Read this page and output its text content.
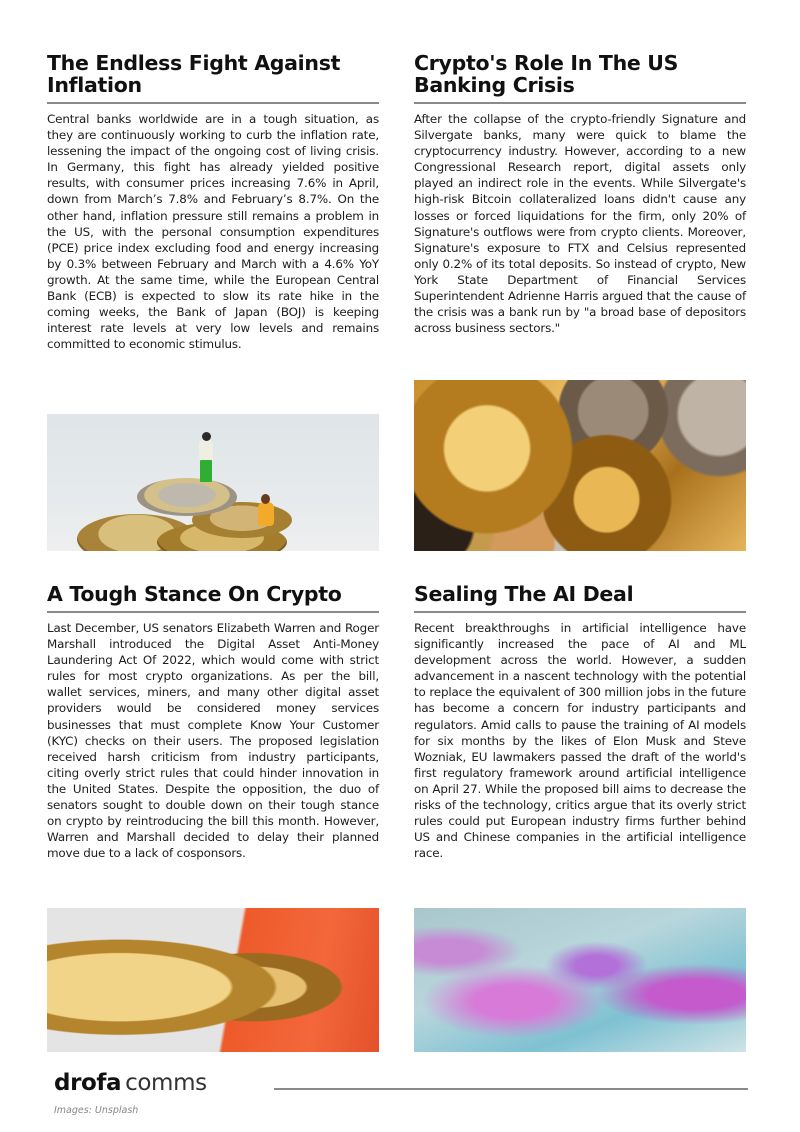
The Endless Fight Against Inflation
Central banks worldwide are in a tough situation, as they are continuously working to curb the inflation rate, lessening the impact of the ongoing cost of living crisis. In Germany, this fight has already yielded positive results, with consumer prices increasing 7.6% in April, down from March’s 7.8% and February’s 8.7%. On the other hand, inflation pressure still remains a problem in the US, with the personal consumption expenditures (PCE) price index excluding food and energy increasing by 0.3% between February and March with a 4.6% YoY growth. At the same time, while the European Central Bank (ECB) is expected to slow its rate hike in the coming weeks, the Bank of Japan (BOJ) is keeping interest rate levels at very low levels and remains committed to economic stimulus.
Crypto's Role In The US Banking Crisis
After the collapse of the crypto-friendly Signature and Silvergate banks, many were quick to blame the cryptocurrency industry. However, according to a new Congressional Research report, digital assets only played an indirect role in the events. While Silvergate's high-risk Bitcoin collateralized loans didn't cause any losses or forced liquidations for the firm, only 20% of Signature's outflows were from crypto clients. Moreover, Signature's exposure to FTX and Celsius represented only 0.2% of its total deposits. So instead of crypto, New York State Department of Financial Services Superintendent Adrienne Harris argued that the cause of the crisis was a bank run by "a broad base of depositors across business sectors."
A Tough Stance On Crypto
Last December, US senators Elizabeth Warren and Roger Marshall introduced the Digital Asset Anti-Money Laundering Act Of 2022, which would come with strict rules for most crypto organizations. As per the bill, wallet services, miners, and many other digital asset providers would be considered money services businesses that must complete Know Your Customer (KYC) checks on their users. The proposed legislation received harsh criticism from industry participants, citing overly strict rules that could hinder innovation in the United States. Despite the opposition, the duo of senators sought to double down on their tough stance on crypto by reintroducing the bill this month. However, Warren and Marshall decided to delay their planned move due to a lack of cosponsors.
Sealing The AI Deal
Recent breakthroughs in artificial intelligence have significantly increased the pace of AI and ML development across the world. However, a sudden advancement in a nascent technology with the potential to replace the equivalent of 300 million jobs in the future has become a concern for industry participants and regulators. Amid calls to pause the training of AI models for six months by the likes of Elon Musk and Steve Wozniak, EU lawmakers passed the draft of the world's first regulatory framework around artificial intelligence on April 27. While the proposed bill aims to decrease the risks of the technology, critics argue that its overly strict rules could put European industry firms further behind US and Chinese companies in the artificial intelligence race.
drofa comms
Images: Unsplash
